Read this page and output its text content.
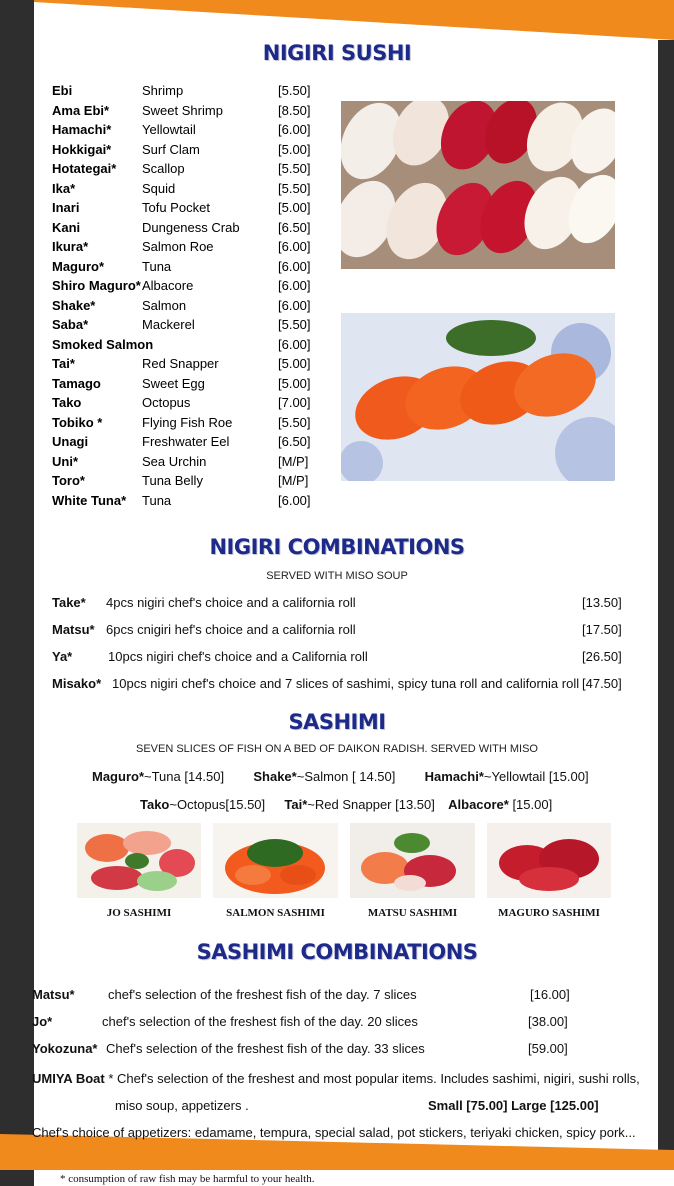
NIGIRI SUSHI
Ebi	Shrimp	[5.50]
Ama Ebi*	Sweet Shrimp	[8.50]
Hamachi* Yellowtail	[6.00]
Hokkigai* Surf Clam	[5.00]
Hotategai* Scallop	[5.50]
Ika*	Squid	[5.50]
Inari	Tofu Pocket	[5.00]
Kani	Dungeness Crab	[6.50]
Ikura*	Salmon Roe	[6.00]
Maguro*	Tuna	[6.00]
Shiro Maguro* Albacore	[6.00]
Shake*	Salmon	[6.00]
Saba*	Mackerel	[5.50]
Smoked Salmon	[6.00]
Tai*	Red Snapper	[5.00]
Tamago	Sweet Egg	[5.00]
Tako	Octopus	[7.00]
Tobiko *	Flying Fish Roe	[5.50]
Unagi	Freshwater Eel	[6.50]
Uni*	Sea Urchin	[M/P]
Toro*	Tuna Belly	[M/P]
White Tuna* Tuna	[6.00]
NIGIRI COMBINATIONS
SERVED WITH MISO SOUP
Take* 4pcs nigiri chef's choice and a california roll	[13.50]
Matsu* 6pcs cnigiri hef's choice and a california roll	[17.50]
Ya*	10pcs nigiri chef's choice and a California roll	[26.50]
Misako* 10pcs nigiri chef's choice and 7 slices of sashimi, spicy tuna roll and california roll [47.50]
SASHIMI
SEVEN SLICES OF FISH ON A BED OF DAIKON RADISH. SERVED WITH MISO
Maguro*~Tuna [14.50] Shake*~Salmon [ 14.50] Hamachi*~Yellowtail [15.00]
Tako~Octopus[15.50] Tai*~Red Snapper [13.50] Albacore* [15.00]
JO SASHIMI	SALMON SASHIMI	MATSU SASHIMI	MAGURO SASHIMI
SASHIMI COMBINATIONS
Matsu*	chef's selection of the freshest fish of the day. 7 slices	[16.00]
Jo*	chef's selection of the freshest fish of the day. 20 slices	[38.00]
Yokozuna* Chef's selection of the freshest fish of the day. 33 slices	[59.00]
UMIYA Boat * Chef's selection of the freshest and most popular items. Includes sashimi, nigiri, sushi rolls,
miso soup, appetizers .	Small [75.00] Large [125.00]
Chef's choice of appetizers: edamame, tempura, special salad, pot stickers, teriyaki chicken, spicy pork...
* consumption of raw fish may be harmful to your health.
